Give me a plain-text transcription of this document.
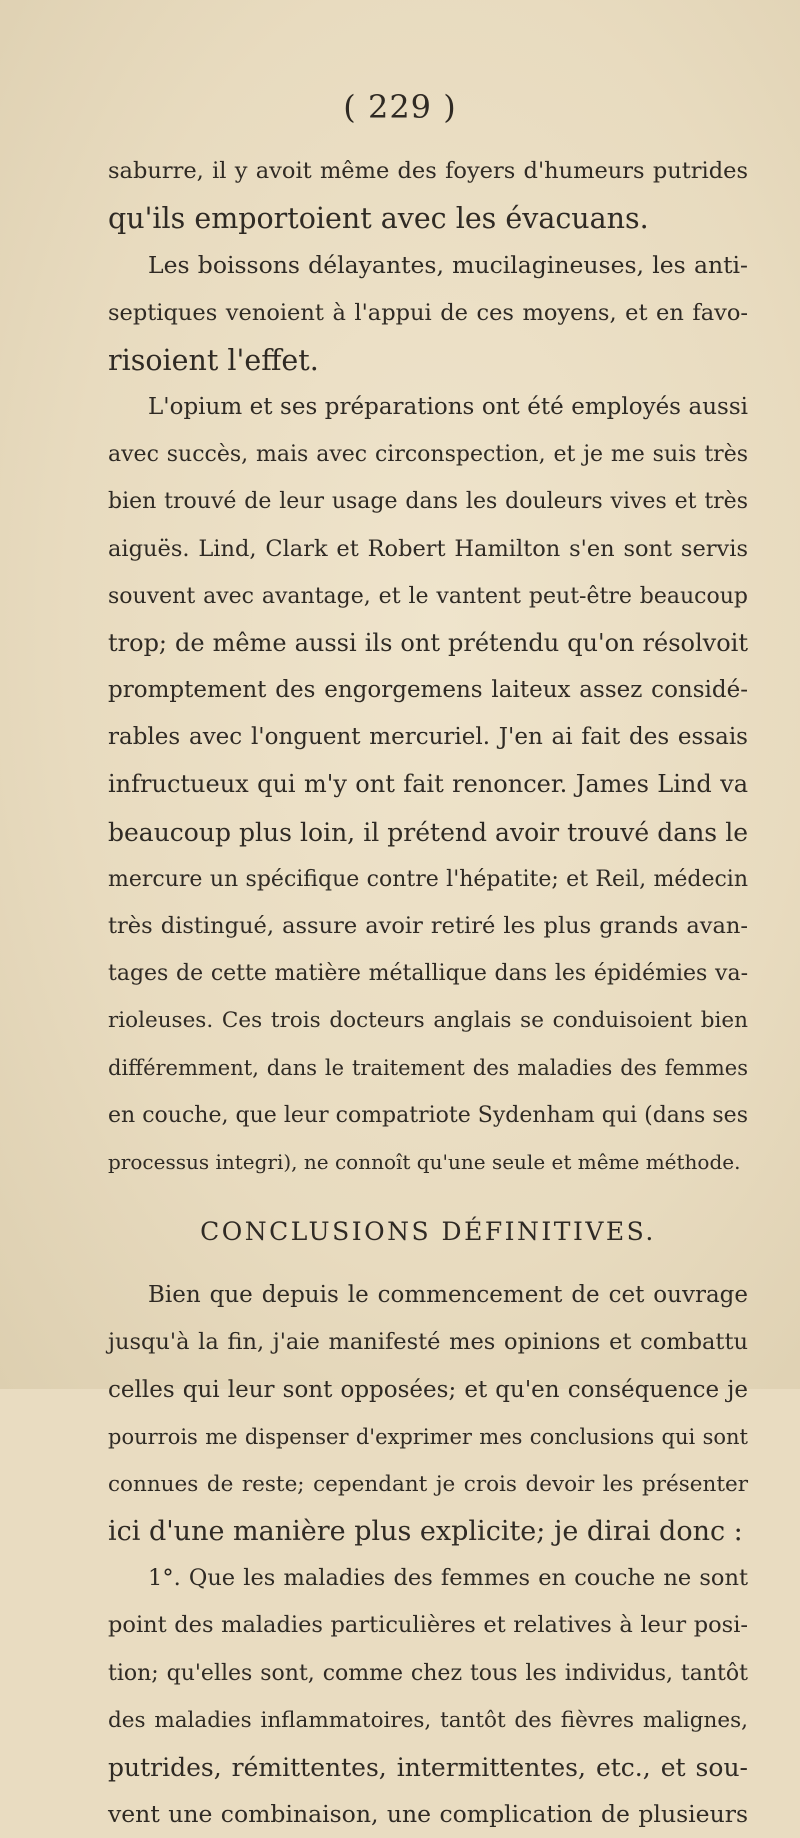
( 229 )
saburre, il y avoit même des foyers d'humeurs putrides
qu'ils emportoient avec les évacuans.
Les boissons délayantes, mucilagineuses, les anti-
septiques venoient à l'appui de ces moyens, et en favo-
risoient l'effet.
L'opium et ses préparations ont été employés aussi
avec succès, mais avec circonspection, et je me suis très
bien trouvé de leur usage dans les douleurs vives et très
aiguës. Lind, Clark et Robert Hamilton s'en sont servis
souvent avec avantage, et le vantent peut-être beaucoup
trop; de même aussi ils ont prétendu qu'on résolvoit
promptement des engorgemens laiteux assez considé-
rables avec l'onguent mercuriel. J'en ai fait des essais
infructueux qui m'y ont fait renoncer. James Lind va
beaucoup plus loin, il prétend avoir trouvé dans le
mercure un spécifique contre l'hépatite; et Reil, médecin
très distingué, assure avoir retiré les plus grands avan-
tages de cette matière métallique dans les épidémies va-
rioleuses. Ces trois docteurs anglais se conduisoient bien
différemment, dans le traitement des maladies des femmes
en couche, que leur compatriote Sydenham qui (dans ses
processus integri), ne connoît qu'une seule et même méthode.
CONCLUSIONS DÉFINITIVES.
Bien que depuis le commencement de cet ouvrage
jusqu'à la fin, j'aie manifesté mes opinions et combattu
celles qui leur sont opposées; et qu'en conséquence je
pourrois me dispenser d'exprimer mes conclusions qui sont
connues de reste; cependant je crois devoir les présenter
ici d'une manière plus explicite; je dirai donc :
1°. Que les maladies des femmes en couche ne sont
point des maladies particulières et relatives à leur posi-
tion; qu'elles sont, comme chez tous les individus, tantôt
des maladies inflammatoires, tantôt des fièvres malignes,
putrides, rémittentes, intermittentes, etc., et sou-
vent une combinaison, une complication de plusieurs
